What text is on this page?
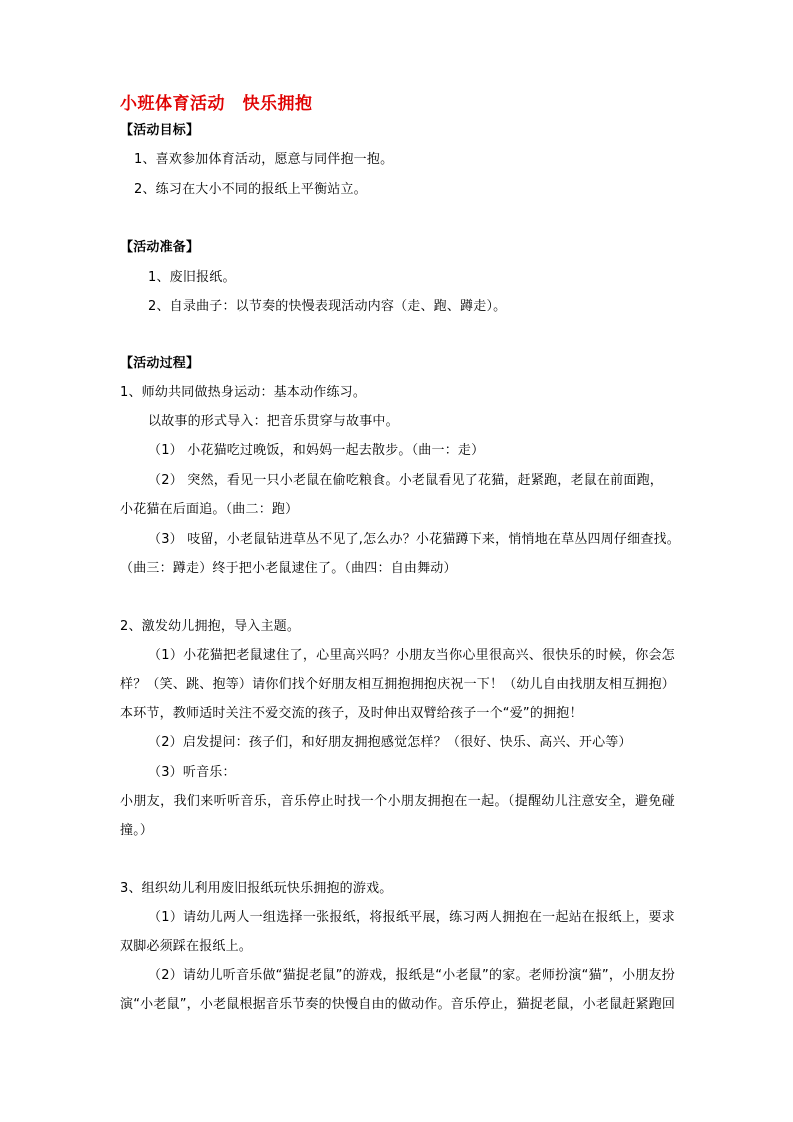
小班体育活动　快乐拥抱
【活动目标】
1、喜欢参加体育活动，愿意与同伴抱一抱。
2、练习在大小不同的报纸上平衡站立。
【活动准备】
1、废旧报纸。
2、自录曲子：以节奏的快慢表现活动内容（走、跑、蹲走）。
【活动过程】
1、师幼共同做热身运动：基本动作练习。
以故事的形式导入：把音乐贯穿与故事中。
（1） 小花猫吃过晚饭，和妈妈一起去散步。（曲一：走）
（2） 突然，看见一只小老鼠在偷吃粮食。小老鼠看见了花猫，赶紧跑，老鼠在前面跑，
小花猫在后面追。（曲二：跑）
（3） 吱留，小老鼠钻进草丛不见了,怎么办？小花猫蹲下来，悄悄地在草丛四周仔细查找。
（曲三：蹲走）终于把小老鼠逮住了。（曲四：自由舞动）
2、激发幼儿拥抱，导入主题。
（1）小花猫把老鼠逮住了，心里高兴吗？小朋友当你心里很高兴、很快乐的时候，你会怎
样？（笑、跳、抱等）请你们找个好朋友相互拥抱拥抱庆祝一下！（幼儿自由找朋友相互拥抱）
本环节，教师适时关注不爱交流的孩子，及时伸出双臂给孩子一个“爱”的拥抱！
（2）启发提问：孩子们，和好朋友拥抱感觉怎样？（很好、快乐、高兴、开心等）
（3）听音乐：
小朋友，我们来听听音乐，音乐停止时找一个小朋友拥抱在一起。（提醒幼儿注意安全，避免碰
撞。）
3、组织幼儿利用废旧报纸玩快乐拥抱的游戏。
（1）请幼儿两人一组选择一张报纸，将报纸平展，练习两人拥抱在一起站在报纸上，要求
双脚必须踩在报纸上。
（2）请幼儿听音乐做“猫捉老鼠”的游戏，报纸是“小老鼠”的家。老师扮演“猫”，小朋友扮
演“小老鼠”，小老鼠根据音乐节奏的快慢自由的做动作。音乐停止，猫捉老鼠，小老鼠赶紧跑回
